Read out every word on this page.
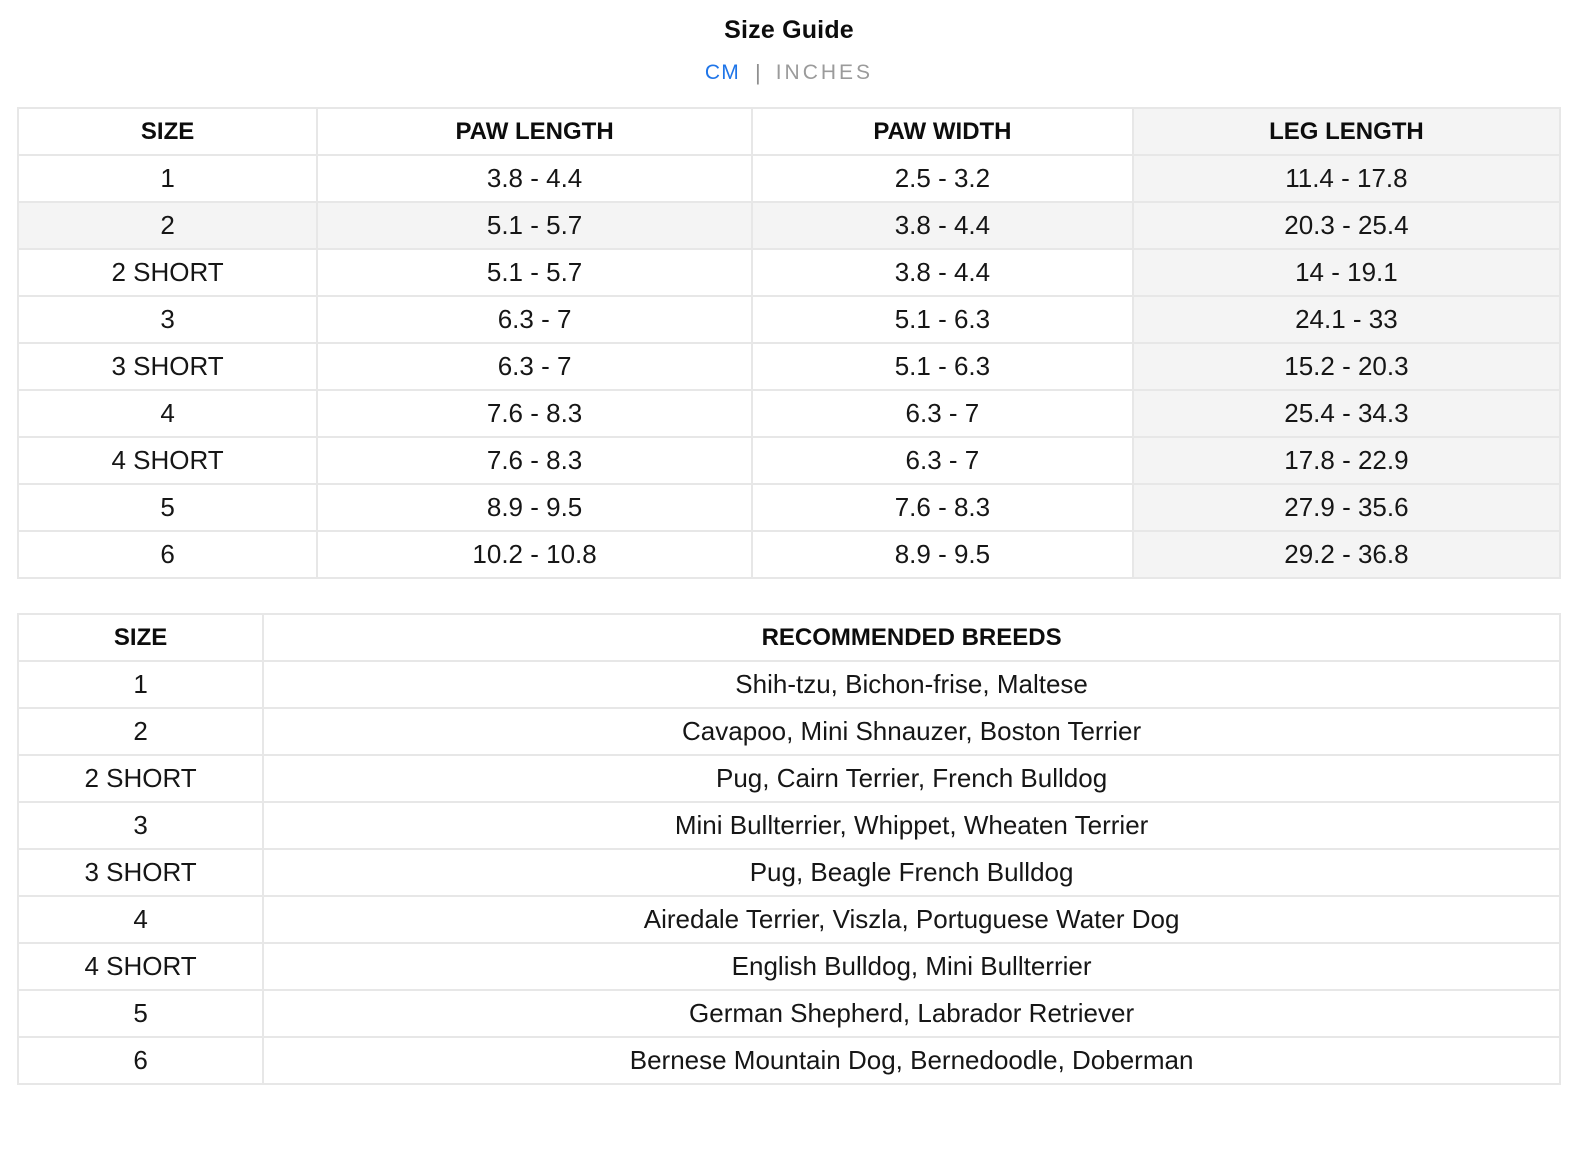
Size Guide
CM | INCHES
SIZE	PAW LENGTH	PAW WIDTH	LEG LENGTH
1	3.8 - 4.4	2.5 - 3.2	11.4 - 17.8
2	5.1 - 5.7	3.8 - 4.4	20.3 - 25.4
2 SHORT	5.1 - 5.7	3.8 - 4.4	14 - 19.1
3	6.3 - 7	5.1 - 6.3	24.1 - 33
3 SHORT	6.3 - 7	5.1 - 6.3	15.2 - 20.3
4	7.6 - 8.3	6.3 - 7	25.4 - 34.3
4 SHORT	7.6 - 8.3	6.3 - 7	17.8 - 22.9
5	8.9 - 9.5	7.6 - 8.3	27.9 - 35.6
6	10.2 - 10.8	8.9 - 9.5	29.2 - 36.8
SIZE	RECOMMENDED BREEDS
1	Shih-tzu, Bichon-frise, Maltese
2	Cavapoo, Mini Shnauzer, Boston Terrier
2 SHORT	Pug, Cairn Terrier, French Bulldog
3	Mini Bullterrier, Whippet, Wheaten Terrier
3 SHORT	Pug, Beagle French Bulldog
4	Airedale Terrier, Viszla, Portuguese Water Dog
4 SHORT	English Bulldog, Mini Bullterrier
5	German Shepherd, Labrador Retriever
6	Bernese Mountain Dog, Bernedoodle, Doberman
